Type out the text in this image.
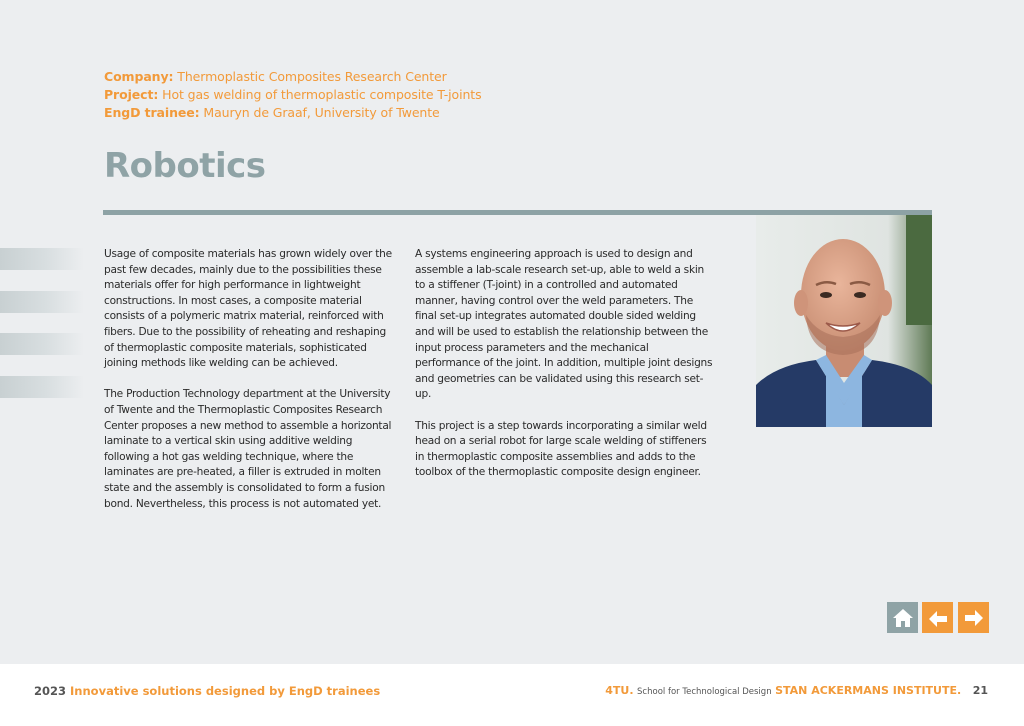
Company: Thermoplastic Composites Research Center
Project: Hot gas welding of thermoplastic composite T-joints
EngD trainee: Mauryn de Graaf, University of Twente
Robotics

Usage of composite materials has grown widely over the past few decades, mainly due to the possibilities these materials offer for high performance in lightweight constructions. In most cases, a composite material consists of a polymeric matrix material, reinforced with fibers. Due to the possibility of reheating and reshaping of thermoplastic composite materials, sophisticated joining methods like welding can be achieved.

The Production Technology department at the University of Twente and the Thermoplastic Composites Research Center proposes a new method to assemble a horizontal laminate to a vertical skin using additive welding following a hot gas welding technique, where the laminates are pre-heated, a filler is extruded in molten state and the assembly is consolidated to form a fusion bond. Nevertheless, this process is not automated yet.

A systems engineering approach is used to design and assemble a lab-scale research set-up, able to weld a skin to a stiffener (T-joint) in a controlled and automated manner, having control over the weld parameters. The final set-up integrates automated double sided welding and will be used to establish the relationship between the input process parameters and the mechanical performance of the joint. In addition, multiple joint designs and geometries can be validated using this research set-up.

This project is a step towards incorporating a similar weld head on a serial robot for large scale welding of stiffeners in thermoplastic composite assemblies and adds to the toolbox of the thermoplastic composite design engineer.

2023 Innovative solutions designed by EngD trainees	4TU. School for Technological Design STAN ACKERMANS INSTITUTE. 21
